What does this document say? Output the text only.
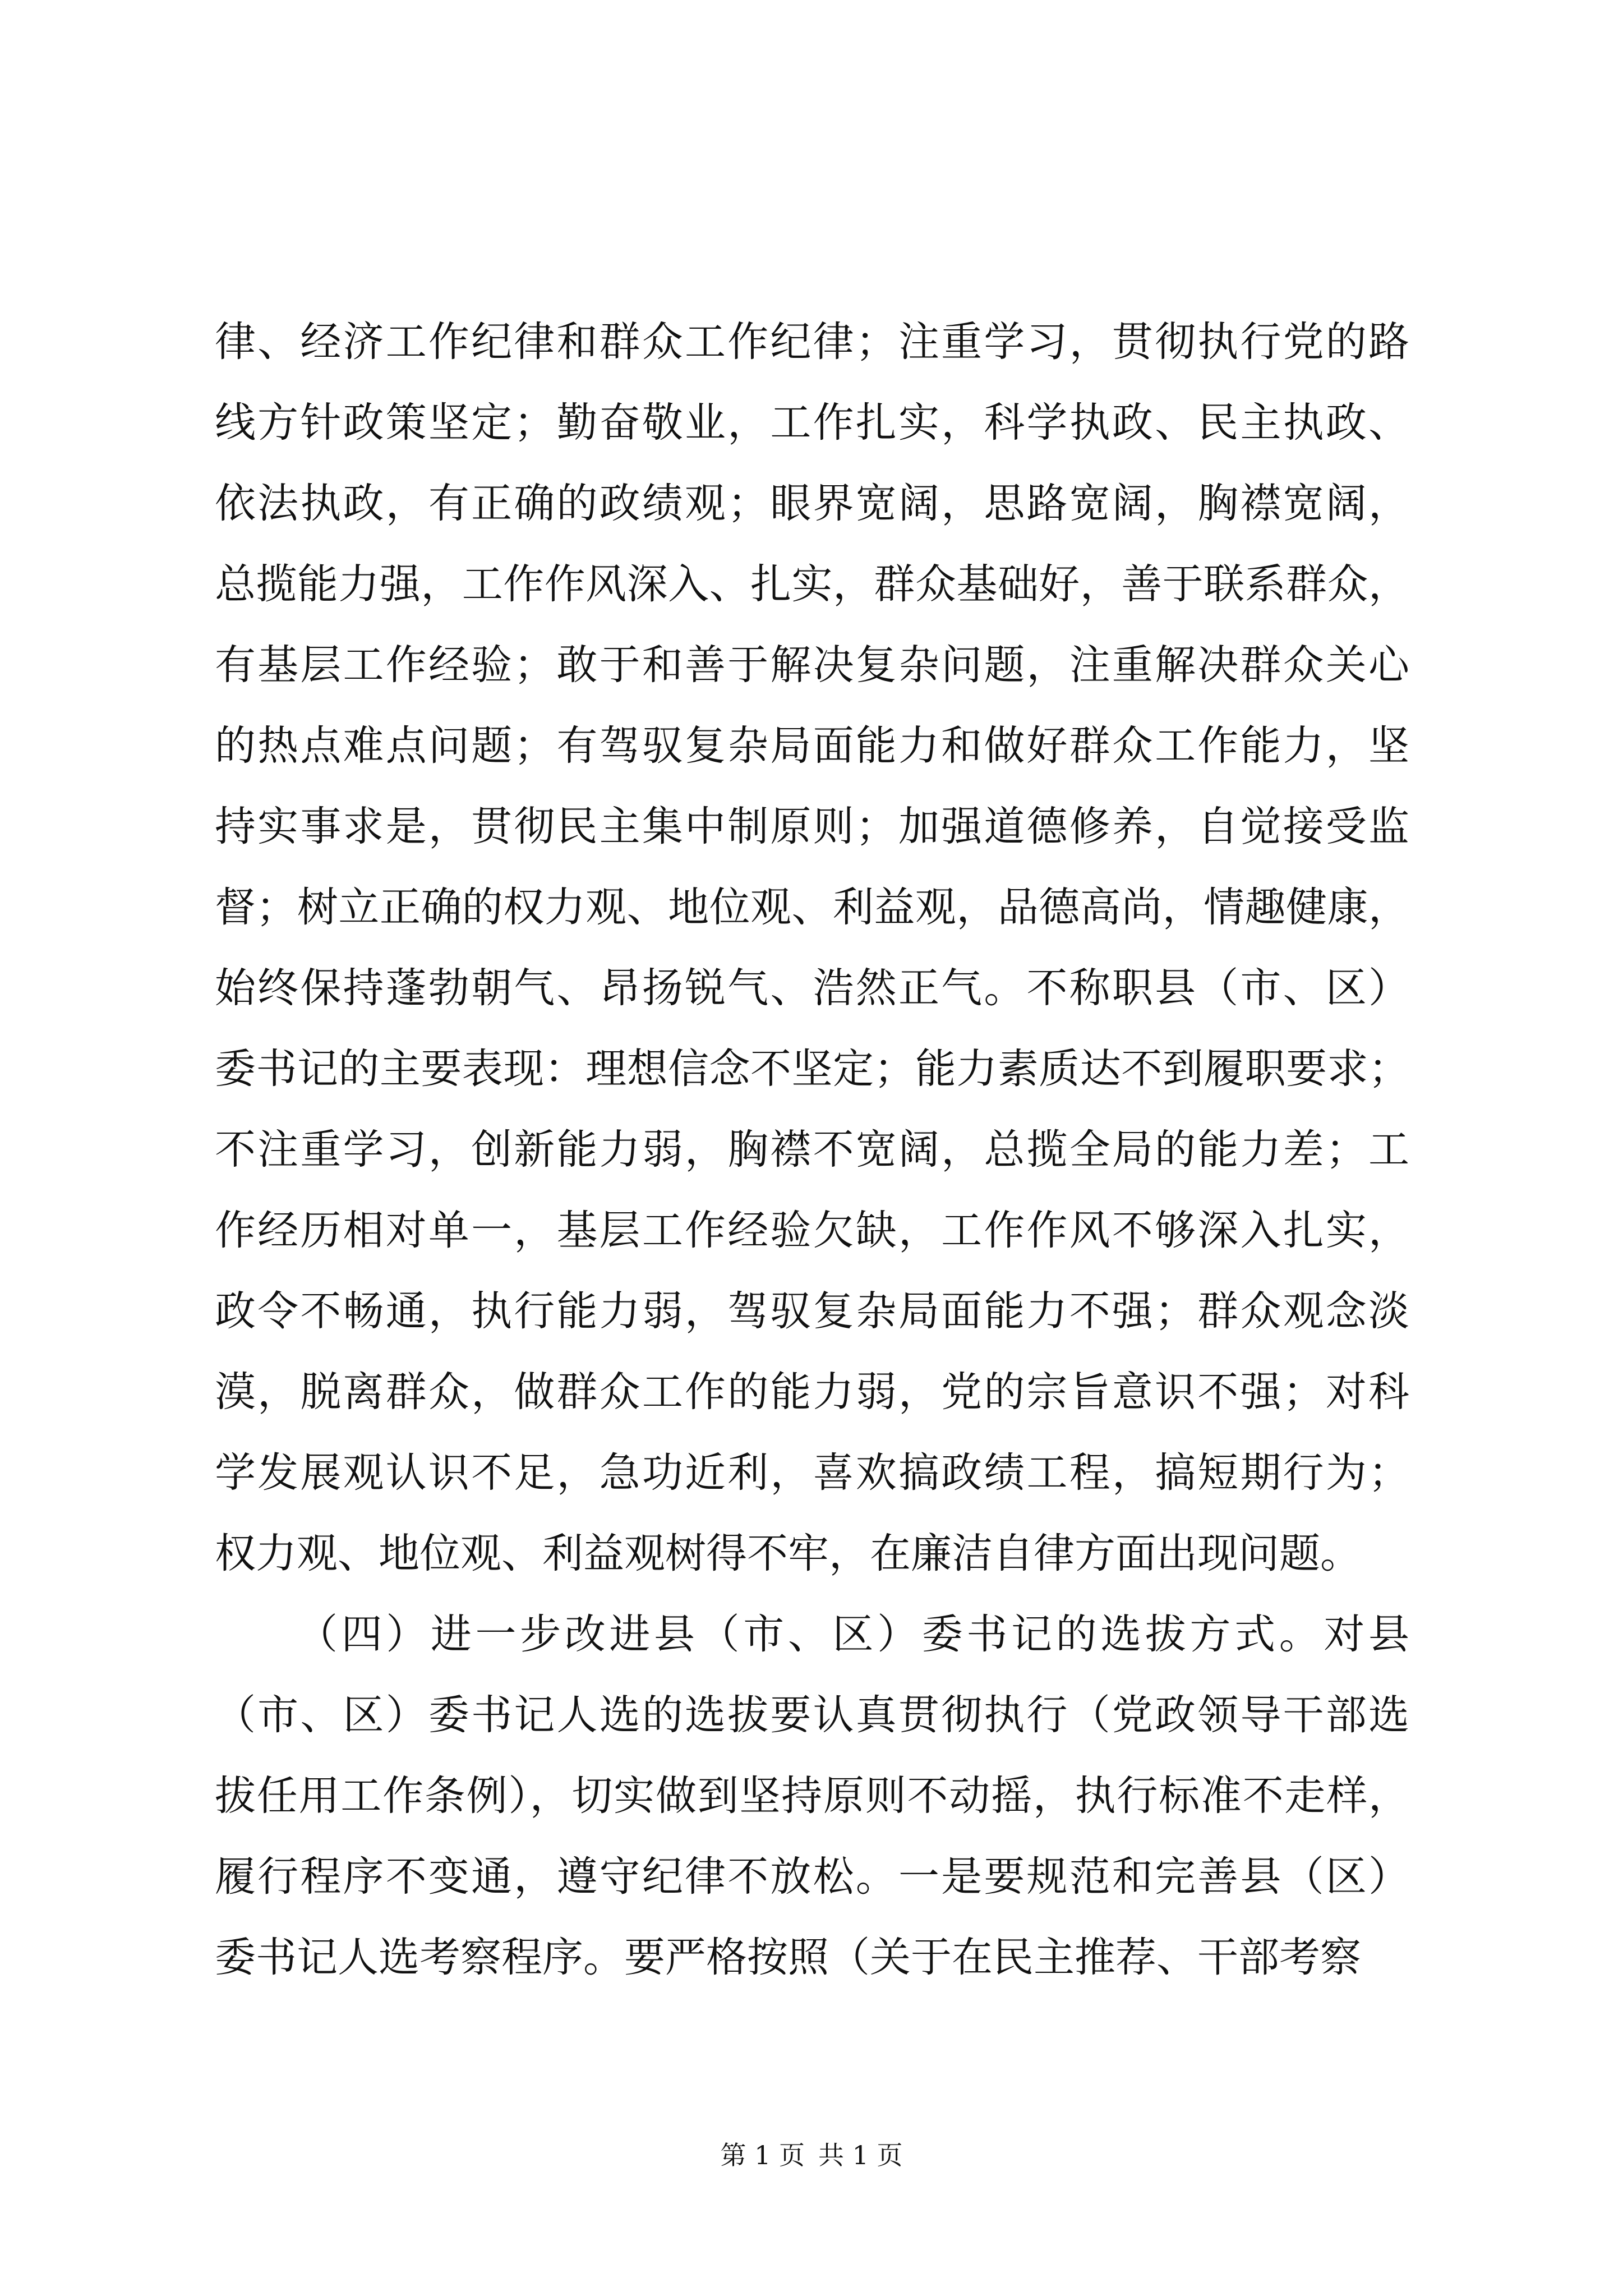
律、经济工作纪律和群众工作纪律；注重学习，贯彻执行党的路
线方针政策坚定；勤奋敬业，工作扎实，科学执政、民主执政、
依法执政，有正确的政绩观；眼界宽阔，思路宽阔，胸襟宽阔，
总揽能力强，工作作风深入、扎实，群众基础好，善于联系群众，
有基层工作经验；敢于和善于解决复杂问题，注重解决群众关心
的热点难点问题；有驾驭复杂局面能力和做好群众工作能力，坚
持实事求是，贯彻民主集中制原则；加强道德修养，自觉接受监
督；树立正确的权力观、地位观、利益观，品德高尚，情趣健康，
始终保持蓬勃朝气、昂扬锐气、浩然正气。不称职县（市、区）
委书记的主要表现：理想信念不坚定；能力素质达不到履职要求；
不注重学习，创新能力弱，胸襟不宽阔，总揽全局的能力差；工
作经历相对单一，基层工作经验欠缺，工作作风不够深入扎实，
政令不畅通，执行能力弱，驾驭复杂局面能力不强；群众观念淡
漠，脱离群众，做群众工作的能力弱，党的宗旨意识不强；对科
学发展观认识不足，急功近利，喜欢搞政绩工程，搞短期行为；
权力观、地位观、利益观树得不牢，在廉洁自律方面出现问题。
（四）进一步改进县（市、区）委书记的选拔方式。对县
（市、区）委书记人选的选拔要认真贯彻执行（党政领导干部选
拔任用工作条例），切实做到坚持原则不动摇，执行标准不走样，
履行程序不变通，遵守纪律不放松。一是要规范和完善县（区）
委书记人选考察程序。要严格按照（关于在民主推荐、干部考察
第 1 页 共 1 页
